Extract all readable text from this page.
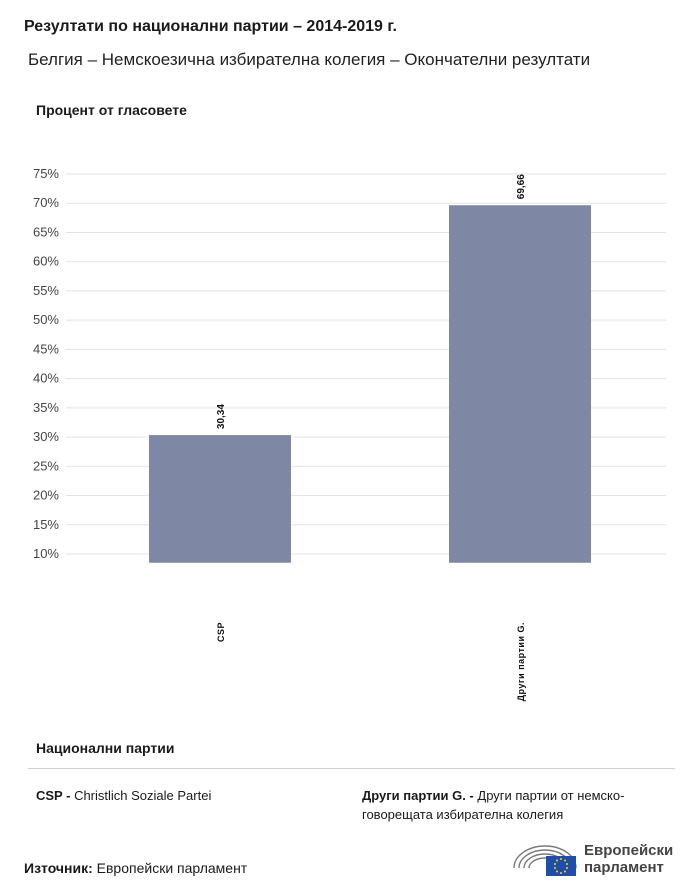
Резултати по национални партии – 2014-2019 г.
Белгия – Немскоезична избирателна колегия – Окончателни резултати
Процент от гласовете
75%
70%
65%
60%
55%
50%
45%
40%
35%
30%
25%
20%
15%
10%
30,34
CSP
69,66
Други партии G.
Национални партии
CSP - Christlich Soziale Partei	Други партии G. - Други партии от немско-говорещата избирателна колегия
Източник: Европейски парламент
Европейски
парламент
